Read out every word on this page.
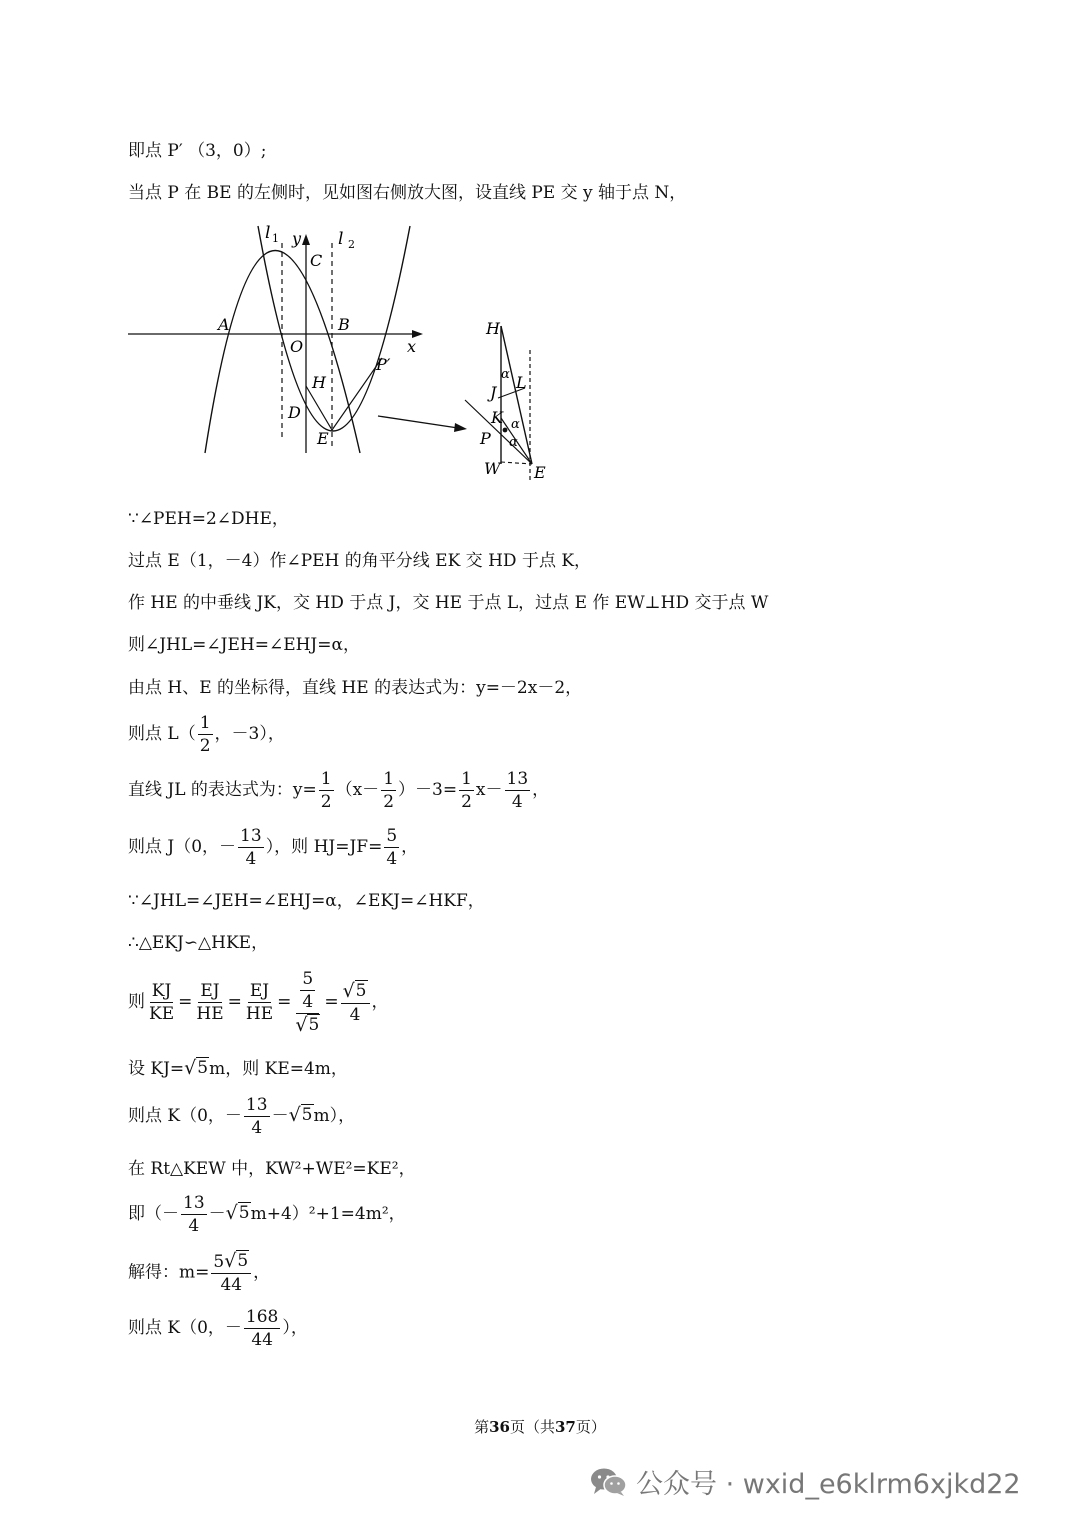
即点 P′ （3，0）;
当点 P 在 BE 的左侧时，见如图右侧放大图，设直线 PE 交 y 轴于点 N，
l 1 y l 2
C
A	B
O	x
P′
H
D
E
H
J
L
K
P
W E
α
α
α
∵∠PEH=2∠DHE，
过点 E（1，－4）作∠PEH 的角平分线 EK 交 HD 于点 K，
作 HE 的中垂线 JK，交 HD 于点 J，交 HE 于点 L，过点 E 作 EW⊥HD 交于点 W
则∠JHL=∠JEH=∠EHJ=α，
由点 H、E 的坐标得，直线 HE 的表达式为：y=－2x－2，
则点 $L( \frac{1}{2}$ ，－3），
直线 JL 的表达式为：$y= \frac{1}{2} (x- \frac{1}{2} )-3= \frac{1}{2} x- \frac{13}{4}$ ，
则点 J（0，－ $\frac{13}{4}$ ），则 $HJ=JF= \frac{5}{4}$ ，
∵∠JHL=∠JEH=∠EHJ=α，∠EKJ=∠HKF，
∴△EKJ∽△HKE，
则 $\frac{KJ}{KE} = \frac{EJ}{HE} = \frac{EJ}{HE} = \frac{\frac{5}{4}}{√ 5} = \frac{√ 5}{4}$ ，
设 KJ= √ 5 m，则 KE=4m，
则点 K（0，－ $\frac{13}{4}$ － √ 5 m），
在 Rt△KEW 中，KW²+WE²=KE²，
即（－ $\frac{13}{4}$ － √ 5 m+4）²+1=4m²，
解得：$m= \frac{5 √ 5}{44}$ ，
则点 K（0，－ $\frac{168}{44}$ ），
第36页（共37页）
公众号 · wxid_e6klrm6xjkd22
